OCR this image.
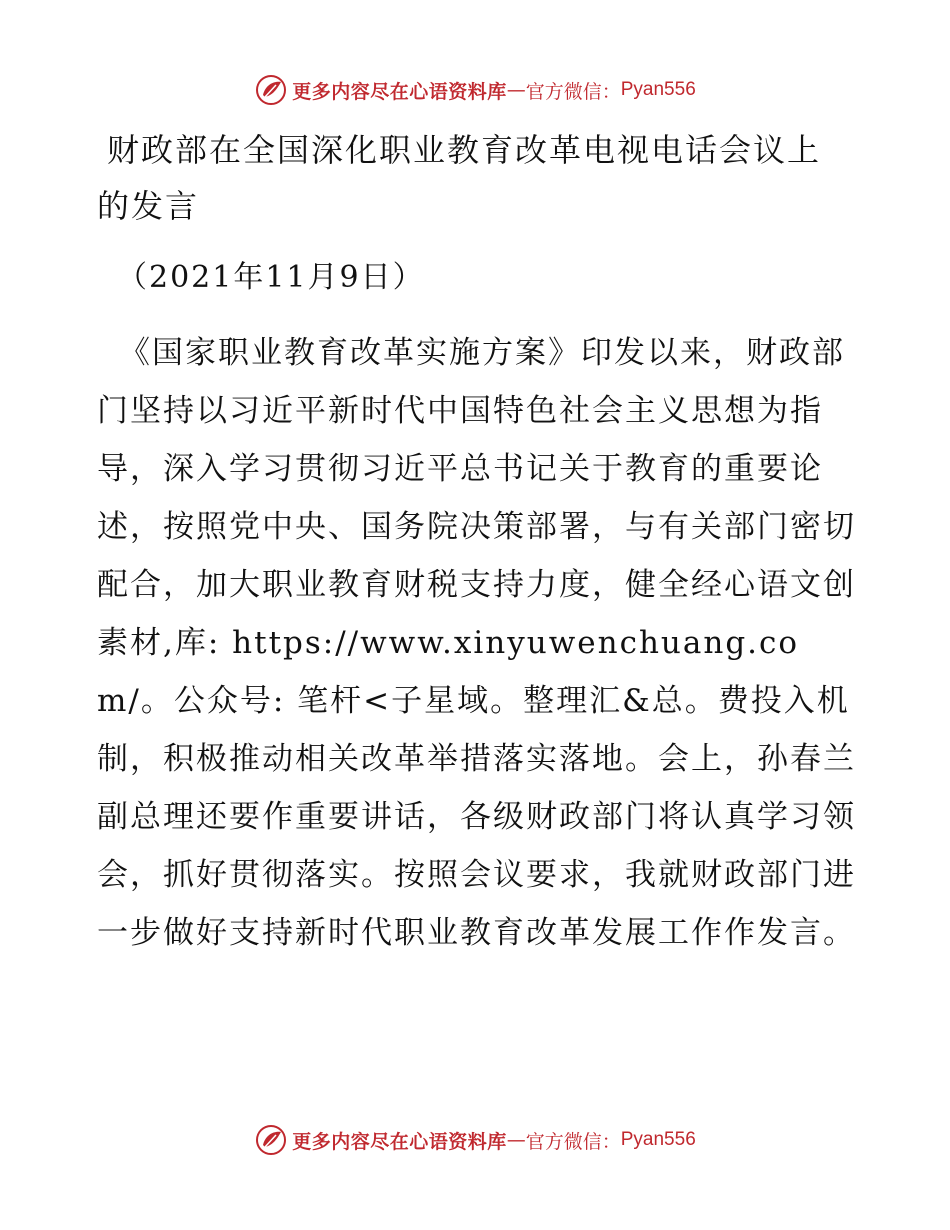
更多内容尽在心语资料库 — 官方微信： Pyan556
财政部在全国深化职业教育改革电视电话会议上
的发言

（2021年11月9日）

《国家职业教育改革实施方案》印发以来，财政部门坚持以习近平新时代中国特色社会主义思想为指导，深入学习贯彻习近平总书记关于教育的重要论述，按照党中央、国务院决策部署，与有关部门密切配合，加大职业教育财税支持力度，健全经心语文创素材,库: https://www.xinyuwenchuang.com/。公众号: 笔杆<子星域。整理汇&总。费投入机制，积极推动相关改革举措落实落地。会上，孙春兰副总理还要作重要讲话，各级财政部门将认真学习领会，抓好贯彻落实。按照会议要求，我就财政部门进一步做好支持新时代职业教育改革发展工作作发言。

更多内容尽在心语资料库 — 官方微信： Pyan556
